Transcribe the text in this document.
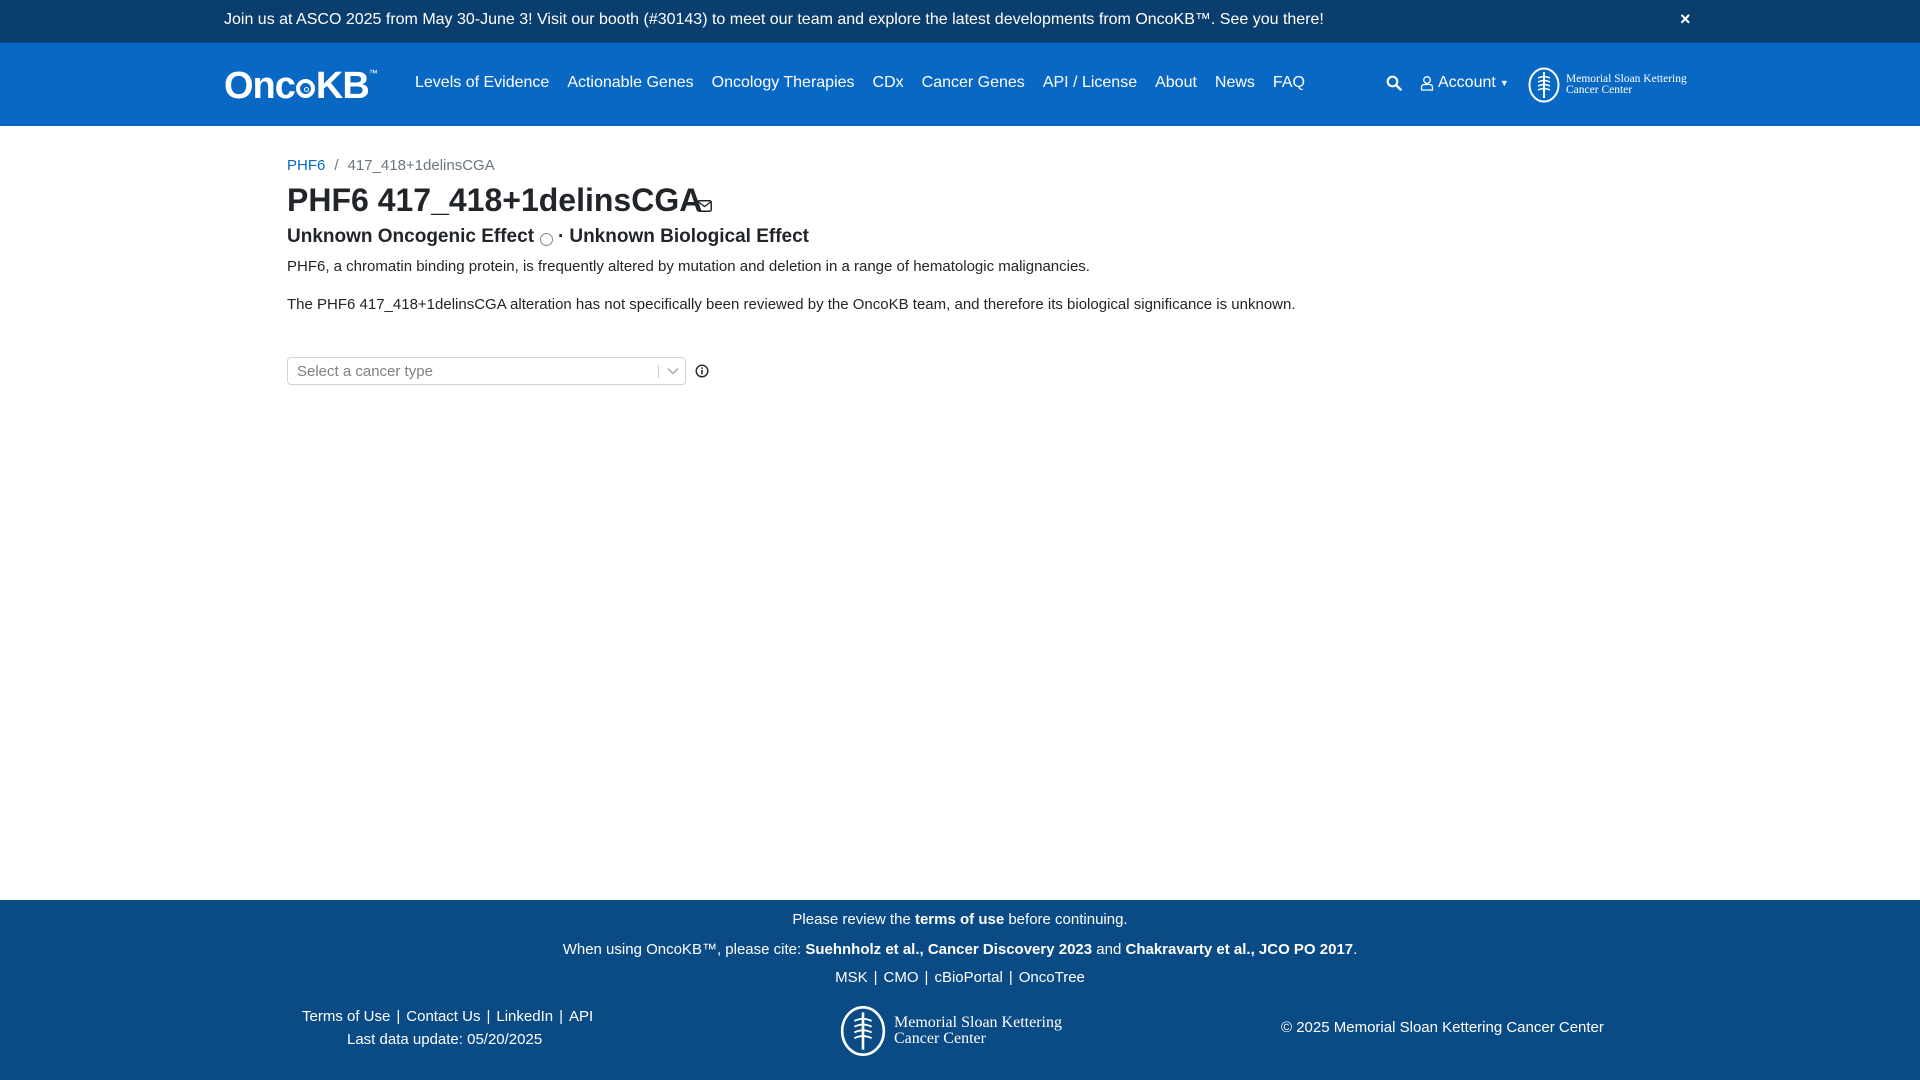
Join us at ASCO 2025 from May 30-June 3! Visit our booth (#30143) to meet our team and explore the latest developments from OncoKB™. See you there!	×
Onc KB™
Levels of Evidence Actionable Genes Oncology Therapies CDx Cancer Genes API / License About News FAQ	Account ▼	Memorial Sloan Kettering
Cancer Center
PHF6 / 417_418+1delinsCGA
PHF6 417_418+1delinsCGA
Unknown Oncogenic Effect · Unknown Biological Effect
PHF6, a chromatin binding protein, is frequently altered by mutation and deletion in a range of hematologic malignancies.
The PHF6 417_418+1delinsCGA alteration has not specifically been reviewed by the OncoKB team, and therefore its biological significance is unknown.
Select a cancer type
Please review the terms of use before continuing.
When using OncoKB™, please cite: Suehnholz et al., Cancer Discovery 2023 and Chakravarty et al., JCO PO 2017.
MSK | CMO | cBioPortal | OncoTree
Terms of Use | Contact Us | LinkedIn | API
Last data update: 05/20/2025
Memorial Sloan Kettering
Cancer Center
© 2025 Memorial Sloan Kettering Cancer Center
